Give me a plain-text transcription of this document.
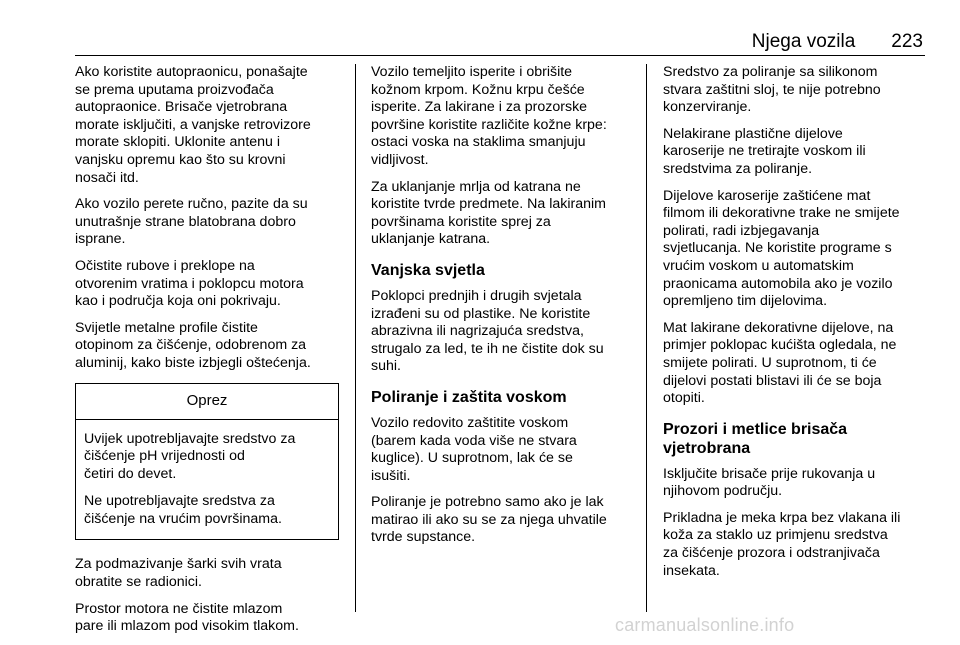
Njega vozila 223

Ako koristite autopraonicu, ponašajte
se prema uputama proizvođača
autopraonice. Brisače vjetrobrana
morate isključiti, a vanjske retrovizore
morate sklopiti. Uklonite antenu i
vanjsku opremu kao što su krovni
nosači itd.

Ako vozilo perete ručno, pazite da su
unutrašnje strane blatobrana dobro
isprane.

Očistite rubove i preklope na
otvorenim vratima i poklopcu motora
kao i područja koja oni pokrivaju.

Svijetle metalne profile čistite
otopinom za čišćenje, odobrenom za
aluminij, kako biste izbjegli oštećenja.

Oprez

Uvijek upotrebljavajte sredstvo za
čišćenje pH vrijednosti od
četiri do devet.

Ne upotrebljavajte sredstva za
čišćenje na vrućim površinama.

Za podmazivanje šarki svih vrata
obratite se radionici.

Prostor motora ne čistite mlazom
pare ili mlazom pod visokim tlakom.

Vozilo temeljito isperite i obrišite
kožnom krpom. Kožnu krpu češće
isperite. Za lakirane i za prozorske
površine koristite različite kožne krpe:
ostaci voska na staklima smanjuju
vidljivost.

Za uklanjanje mrlja od katrana ne
koristite tvrde predmete. Na lakiranim
površinama koristite sprej za
uklanjanje katrana.

Vanjska svjetla

Poklopci prednjih i drugih svjetala
izrađeni su od plastike. Ne koristite
abrazivna ili nagrizajuća sredstva,
strugalo za led, te ih ne čistite dok su
suhi.

Poliranje i zaštita voskom

Vozilo redovito zaštitite voskom
(barem kada voda više ne stvara
kuglice). U suprotnom, lak će se
isušiti.

Poliranje je potrebno samo ako je lak
matirao ili ako su se za njega uhvatile
tvrde supstance.

Sredstvo za poliranje sa silikonom
stvara zaštitni sloj, te nije potrebno
konzerviranje.

Nelakirane plastične dijelove
karoserije ne tretirajte voskom ili
sredstvima za poliranje.

Dijelove karoserije zaštićene mat
filmom ili dekorativne trake ne smijete
polirati, radi izbjegavanja
svjetlucanja. Ne koristite programe s
vrućim voskom u automatskim
praonicama automobila ako je vozilo
opremljeno tim dijelovima.

Mat lakirane dekorativne dijelove, na
primjer poklopac kućišta ogledala, ne
smijete polirati. U suprotnom, ti će
dijelovi postati blistavi ili će se boja
otopiti.

Prozori i metlice brisača
vjetrobrana

Isključite brisače prije rukovanja u
njihovom području.

Prikladna je meka krpa bez vlakana ili
koža za staklo uz primjenu sredstva
za čišćenje prozora i odstranjivača
insekata.

carmanualsonline.info
